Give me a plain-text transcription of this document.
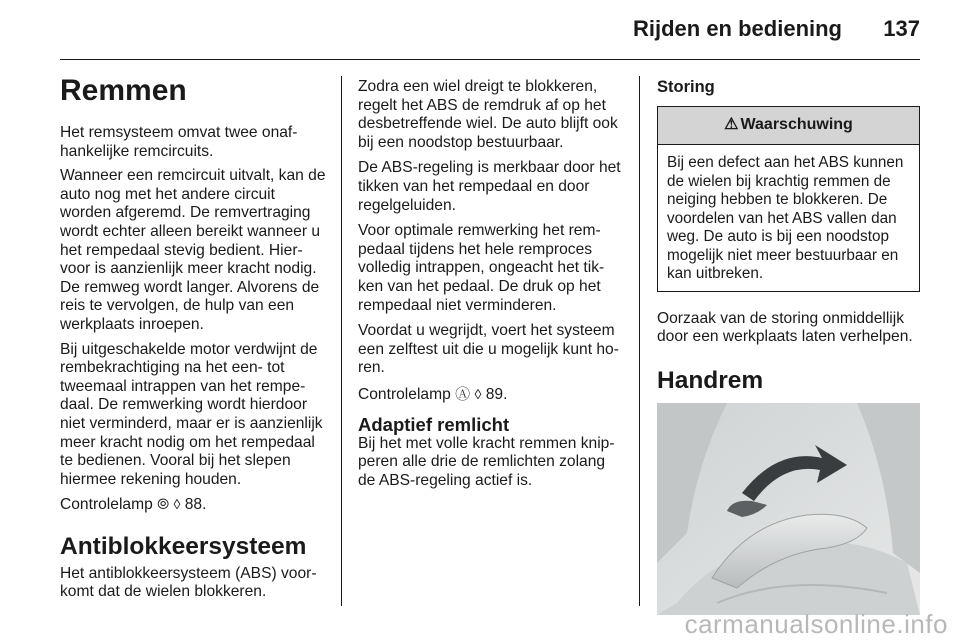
Rijden en bediening 137
Remmen

Het remsysteem omvat twee onaf-hankelijke remcircuits.

Wanneer een remcircuit uitvalt, kan de auto nog met het andere circuit worden afgeremd. De remvertraging wordt echter alleen bereikt wanneer u het rempedaal stevig bedient. Hier-voor is aanzienlijk meer kracht nodig. De remweg wordt langer. Alvorens de reis te vervolgen, de hulp van een werkplaats inroepen.

Bij uitgeschakelde motor verdwijnt de rembekrachtiging na het een- tot tweemaal intrappen van het rempe-daal. De remwerking wordt hierdoor niet verminderd, maar er is aanzienlijk meer kracht nodig om het rempedaal te bedienen. Vooral bij het slepen hiermee rekening houden.

Controlelamp ⦾ ◊ 88.

Antiblokkeersysteem

Het antiblokkeersysteem (ABS) voor-komt dat de wielen blokkeren.

Zodra een wiel dreigt te blokkeren, regelt het ABS de remdruk af op het desbetreffende wiel. De auto blijft ook bij een noodstop bestuurbaar.

De ABS-regeling is merkbaar door het tikken van het rempedaal en door regelgeluiden.

Voor optimale remwerking het rem-pedaal tijdens het hele remproces volledig intrappen, ongeacht het tik-ken van het pedaal. De druk op het rempedaal niet verminderen.

Voordat u wegrijdt, voert het systeem een zelftest uit die u mogelijk kunt ho-ren.

Controlelamp Ⓐ ◊ 89.

Adaptief remlicht

Bij het met volle kracht remmen knip-peren alle drie de remlichten zolang de ABS-regeling actief is.

Storing
⚠ Waarschuwing
Bij een defect aan het ABS kunnen de wielen bij krachtig remmen de neiging hebben te blokkeren. De voordelen van het ABS vallen dan weg. De auto is bij een noodstop mogelijk niet meer bestuurbaar en kan uitbreken.

Oorzaak van de storing onmiddellijk door een werkplaats laten verhelpen.

Handrem
carmanualsonline.info
